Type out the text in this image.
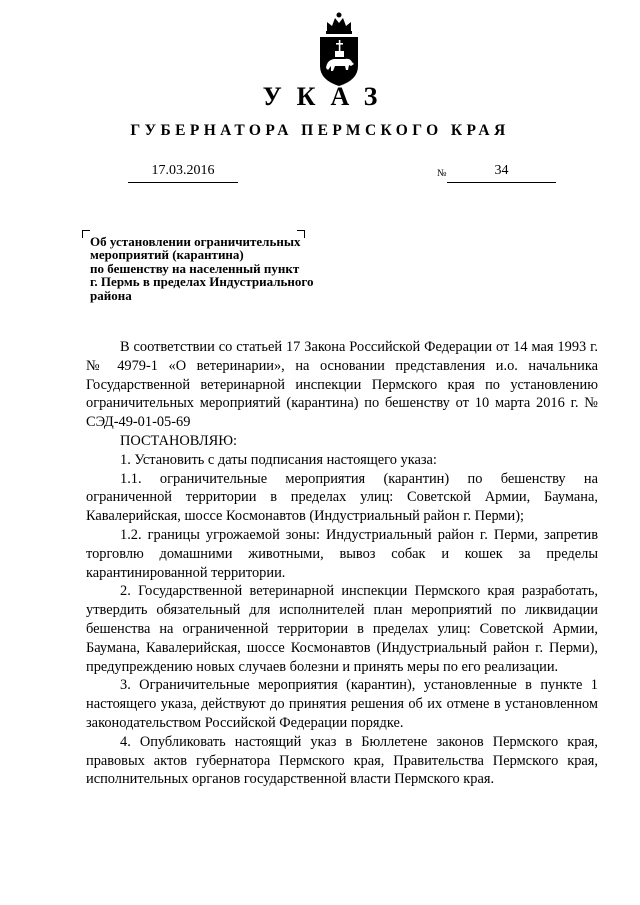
УКАЗ
ГУБЕРНАТОРА ПЕРМСКОГО КРАЯ
17.03.2016	№	34
Об установлении ограничительных
мероприятий (карантина)
по бешенству на населенный пункт
г. Пермь в пределах Индустриального
района

В соответствии со статьей 17 Закона Российской Федерации от 14 мая 1993 г. № 4979-1 «О ветеринарии», на основании представления и.о. начальника Государственной ветеринарной инспекции Пермского края по установлению ограничительных мероприятий (карантина) по бешенству от 10 марта 2016 г. № СЭД-49-01-05-69

ПОСТАНОВЛЯЮ:

1. Установить с даты подписания настоящего указа:

1.1. ограничительные мероприятия (карантин) по бешенству на ограниченной территории в пределах улиц: Советской Армии, Баумана, Кавалерийская, шоссе Космонавтов (Индустриальный район г. Перми);

1.2. границы угрожаемой зоны: Индустриальный район г. Перми, запретив торговлю домашними животными, вывоз собак и кошек за пределы карантинированной территории.

2. Государственной ветеринарной инспекции Пермского края разработать, утвердить обязательный для исполнителей план мероприятий по ликвидации бешенства на ограниченной территории в пределах улиц: Советской Армии, Баумана, Кавалерийская, шоссе Космонавтов (Индустриальный район г. Перми), предупреждению новых случаев болезни и принять меры по его реализации.

3. Ограничительные мероприятия (карантин), установленные в пункте 1 настоящего указа, действуют до принятия решения об их отмене в установленном законодательством Российской Федерации порядке.

4. Опубликовать настоящий указ в Бюллетене законов Пермского края, правовых актов губернатора Пермского края, Правительства Пермского края, исполнительных органов государственной власти Пермского края.
